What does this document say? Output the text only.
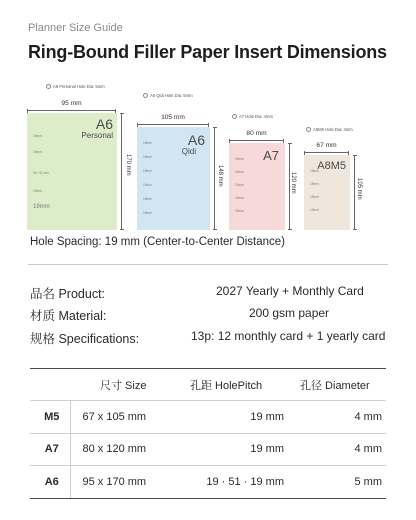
Planner Size Guide
Ring-Bound Filler Paper Insert Dimensions
A6 Personal Hole Dia: 5mm
95 mm
19mm
19mm
50 / 51 mm
19mm
19mm
A6
Personal
170 mm
A6 Qidi Hole Dia: 5mm
105 mm
19mm
19mm
19mm
19mm
19mm
19mm
A6
Qidi
148 mm
A7 Hole Dia: 4mm
80 mm
19mm
19mm
19mm
19mm
19mm
A7
120 mm
A8M5 Hole Dia: 4mm
67 mm
19mm
19mm
19mm
19mm
A8M5
105 mm
Hole Spacing: 19 mm (Center-to-Center Distance)
品名 Product:	2027 Yearly + Monthly Card
材质 Material:	200 gsm paper
规格 Specifications:	13p: 12 monthly card + 1 yearly card
	尺寸 Size	孔距 HolePitch	孔径 Diameter
M5	67 x 105 mm	19 mm	4 mm
A7	80 x 120 mm	19 mm	4 mm
A6	95 x 170 mm	19 · 51 · 19 mm	5 mm
